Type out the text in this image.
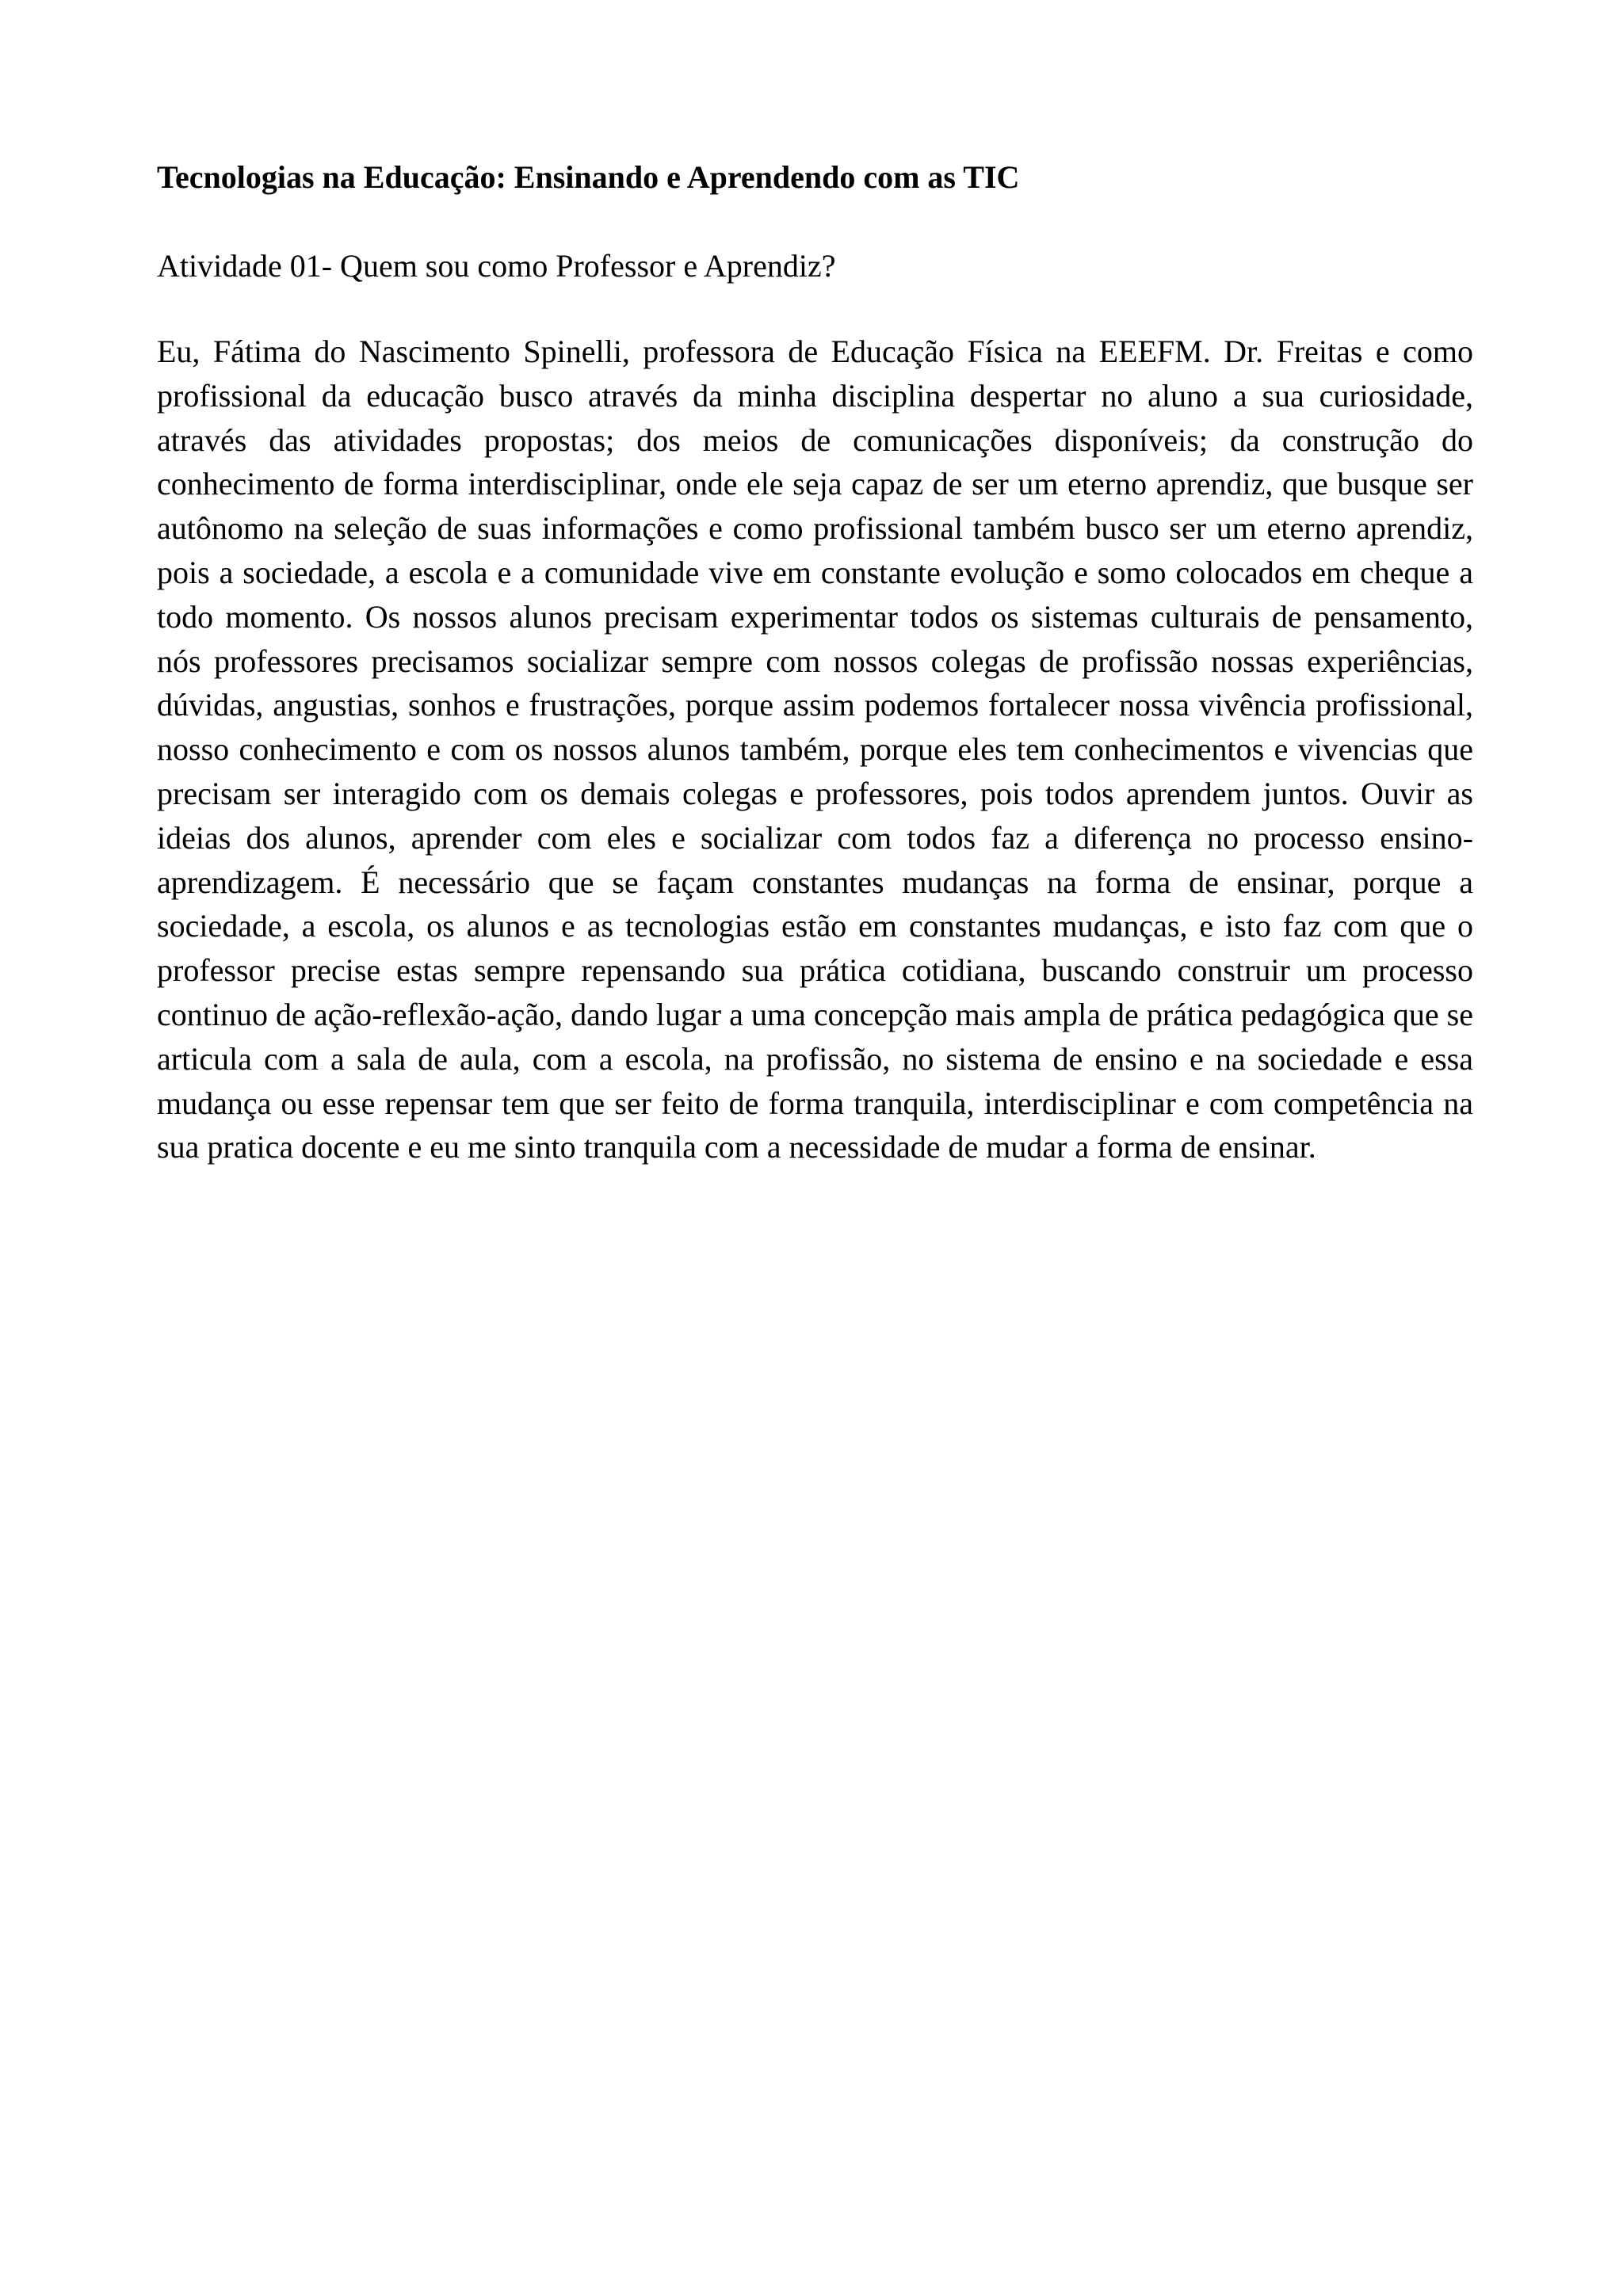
Tecnologias na Educação: Ensinando e Aprendendo com as TIC

Atividade 01- Quem sou como Professor e Aprendiz?

Eu, Fátima do Nascimento Spinelli, professora de Educação Física na EEEFM. Dr. Freitas e como profissional da educação busco através da minha disciplina despertar no aluno a sua curiosidade, através das atividades propostas; dos meios de comunicações disponíveis; da construção do conhecimento de forma interdisciplinar, onde ele seja capaz de ser um eterno aprendiz, que busque ser autônomo na seleção de suas informações e como profissional também busco ser um eterno aprendiz, pois a sociedade, a escola e a comunidade vive em constante evolução e somo colocados em cheque a todo momento. Os nossos alunos precisam experimentar todos os sistemas culturais de pensamento, nós professores precisamos socializar sempre com nossos colegas de profissão nossas experiências, dúvidas, angustias, sonhos e frustrações, porque assim podemos fortalecer nossa vivência profissional, nosso conhecimento e com os nossos alunos também, porque eles tem conhecimentos e vivencias que precisam ser interagido com os demais colegas e professores, pois todos aprendem juntos. Ouvir as ideias dos alunos, aprender com eles e socializar com todos faz a diferença no processo ensino-aprendizagem. É necessário que se façam constantes mudanças na forma de ensinar, porque a sociedade, a escola, os alunos e as tecnologias estão em constantes mudanças, e isto faz com que o professor precise estas sempre repensando sua prática cotidiana, buscando construir um processo continuo de ação-reflexão-ação, dando lugar a uma concepção mais ampla de prática pedagógica que se articula com a sala de aula, com a escola, na profissão, no sistema de ensino e na sociedade e essa mudança ou esse repensar tem que ser feito de forma tranquila, interdisciplinar e com competência na sua pratica docente e eu me sinto tranquila com a necessidade de mudar a forma de ensinar.
